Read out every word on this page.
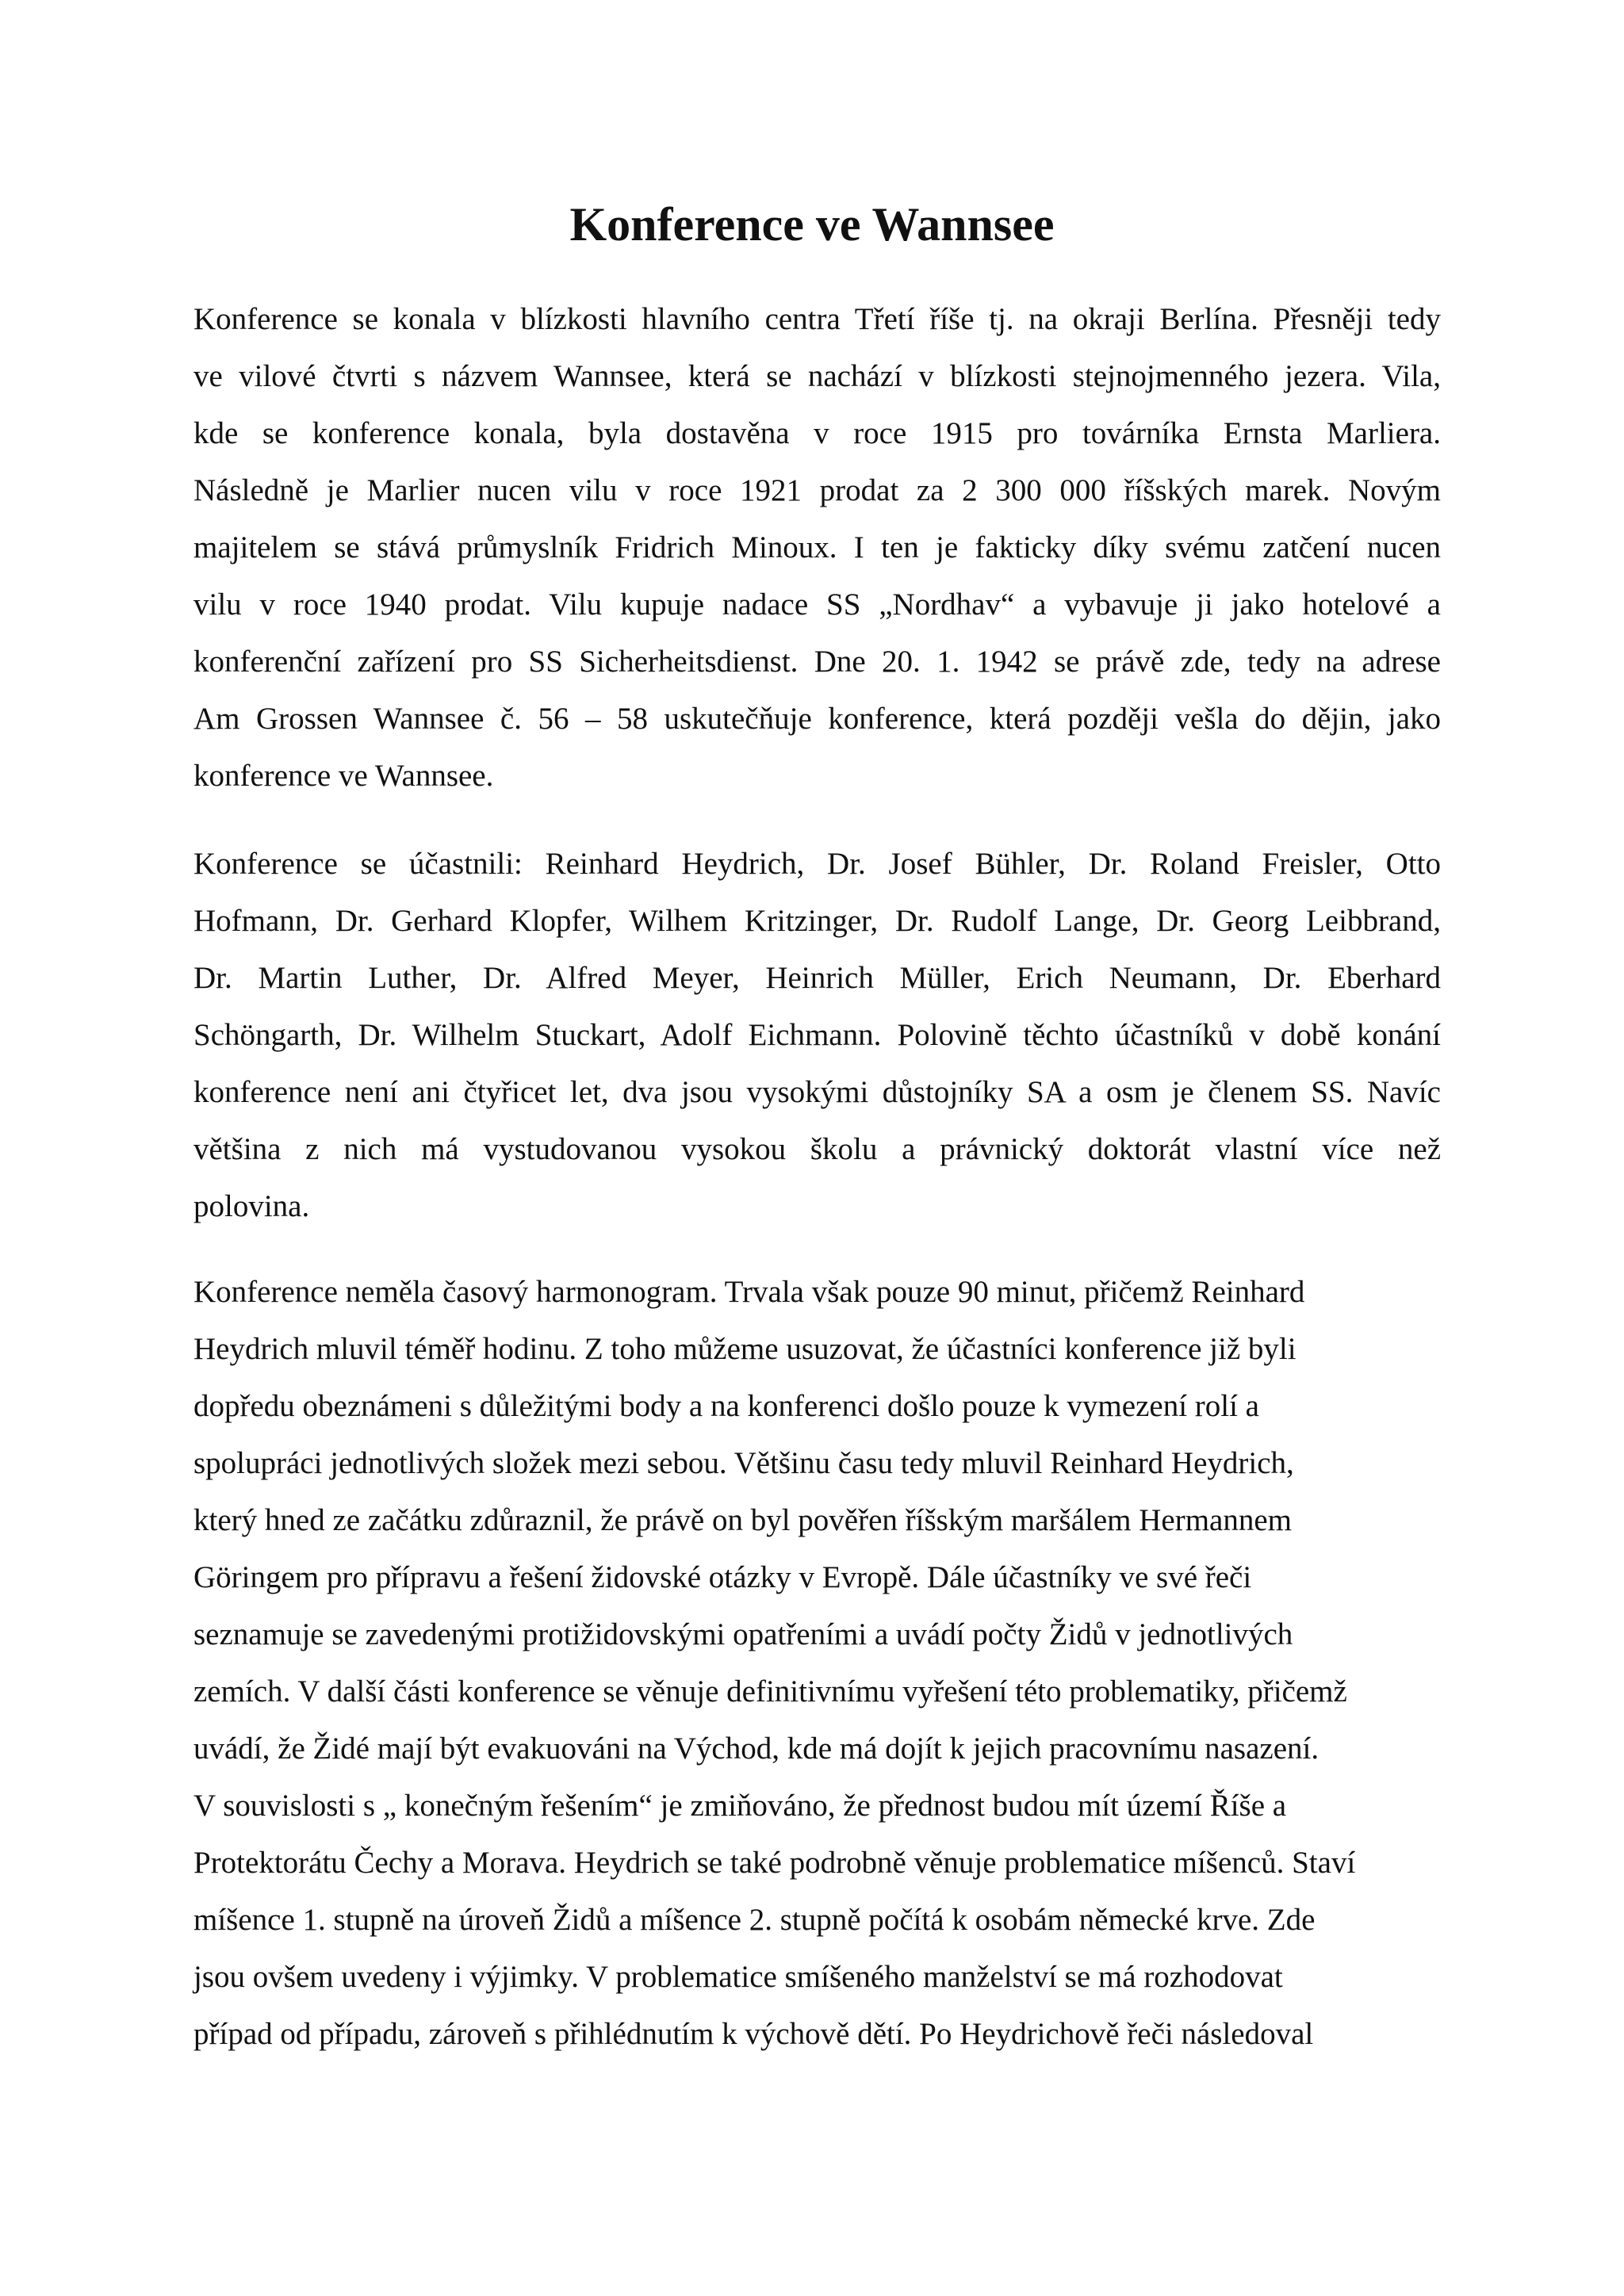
Konference ve Wannsee
Konference se konala v blízkosti hlavního centra Třetí říše tj. na okraji Berlína. Přesněji tedy
ve vilové čtvrti s názvem Wannsee, která se nachází v blízkosti stejnojmenného jezera. Vila,
kde se konference konala, byla dostavěna v roce 1915 pro továrníka Ernsta Marliera.
Následně je Marlier nucen vilu v roce 1921 prodat za 2 300 000 říšských marek. Novým
majitelem se stává průmyslník Fridrich Minoux. I ten je fakticky díky svému zatčení nucen
vilu v roce 1940 prodat. Vilu kupuje nadace SS „Nordhav“ a vybavuje ji jako hotelové a
konferenční zařízení pro SS Sicherheitsdienst. Dne 20. 1. 1942 se právě zde, tedy na adrese
Am Grossen Wannsee č. 56 – 58 uskutečňuje konference, která později vešla do dějin, jako
konference ve Wannsee.
Konference se účastnili: Reinhard Heydrich, Dr. Josef Bühler, Dr. Roland Freisler, Otto
Hofmann, Dr. Gerhard Klopfer, Wilhem Kritzinger, Dr. Rudolf Lange, Dr. Georg Leibbrand,
Dr. Martin Luther, Dr. Alfred Meyer, Heinrich Müller, Erich Neumann, Dr. Eberhard
Schöngarth, Dr. Wilhelm Stuckart, Adolf Eichmann. Polovině těchto účastníků v době konání
konference není ani čtyřicet let, dva jsou vysokými důstojníky SA a osm je členem SS. Navíc
většina z nich má vystudovanou vysokou školu a právnický doktorát vlastní více než
polovina.
Konference neměla časový harmonogram. Trvala však pouze 90 minut, přičemž Reinhard
Heydrich mluvil téměř hodinu. Z toho můžeme usuzovat, že účastníci konference již byli
dopředu obeznámeni s důležitými body a na konferenci došlo pouze k vymezení rolí a
spolupráci jednotlivých složek mezi sebou. Většinu času tedy mluvil Reinhard Heydrich,
který hned ze začátku zdůraznil, že právě on byl pověřen říšským maršálem Hermannem
Göringem pro přípravu a řešení židovské otázky v Evropě. Dále účastníky ve své řeči
seznamuje se zavedenými protižidovskými opatřeními a uvádí počty Židů v jednotlivých
zemích. V další části konference se věnuje definitivnímu vyřešení této problematiky, přičemž
uvádí, že Židé mají být evakuováni na Východ, kde má dojít k jejich pracovnímu nasazení.
V souvislosti s „ konečným řešením“ je zmiňováno, že přednost budou mít území Říše a
Protektorátu Čechy a Morava. Heydrich se také podrobně věnuje problematice míšenců. Staví
míšence 1. stupně na úroveň Židů a míšence 2. stupně počítá k osobám německé krve. Zde
jsou ovšem uvedeny i výjimky. V problematice smíšeného manželství se má rozhodovat
případ od případu, zároveň s přihlédnutím k výchově dětí. Po Heydrichově řeči následoval
